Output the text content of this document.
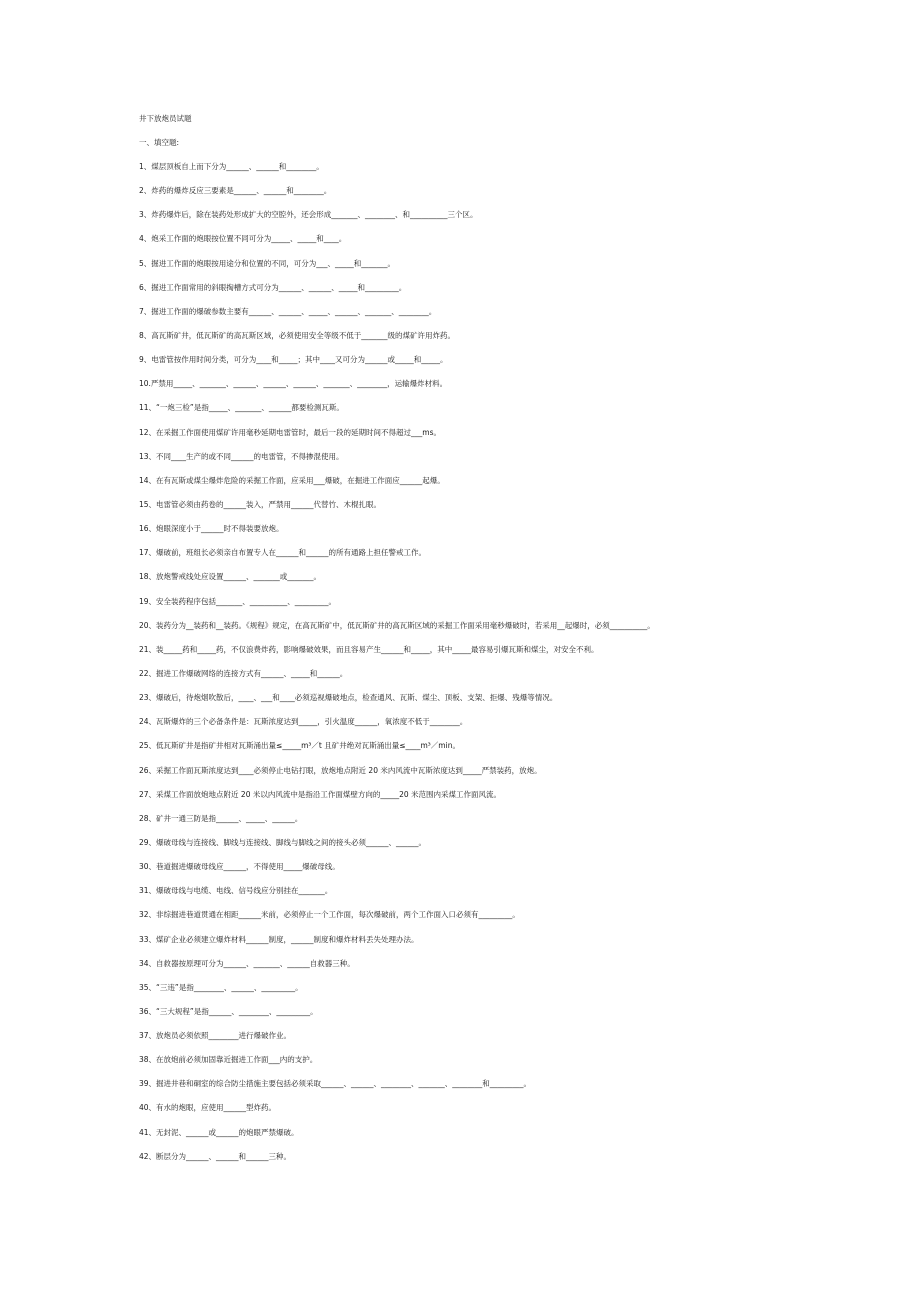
井下放炮员试题
一、填空题:
1、煤层顶板自上而下分为______、______和________。
2、炸药的爆炸反应三要素是______、______和________。
3、炸药爆炸后，除在装药处形成扩大的空腔外，还会形成_______、________、和__________三个区。
4、炮采工作面的炮眼按位置不同可分为_____、_____和____。
5、掘进工作面的炮眼按用途分和位置的不同，可分为___、_____和_______。
6、掘进工作面常用的斜眼掏槽方式可分为______、______、_____和_________。
7、掘进工作面的爆破参数主要有______、______、_____、______、_______、________。
8、高瓦斯矿井，低瓦斯矿的高瓦斯区域，必须使用安全等级不低于_______级的煤矿许用炸药。
9、电雷管按作用时间分类，可分为____和_____；其中____又可分为______或_____和_____。
10.严禁用_____、_______、______、______、______、_______、________，运输爆炸材料。
11、“一炮三检”是指_____、_______、______都要检测瓦斯。
12、在采掘工作面使用煤矿许用毫秒延期电雷管时，最后一段的延期时间不得超过___ms。
13、不同____生产的或不同______的电雷管，不得掺混使用。
14、在有瓦斯或煤尘爆炸危险的采掘工作面，应采用___爆破，在掘进工作面应______起爆。
15、电雷管必须由药卷的______装入，严禁用______代替竹、木棍扎眼。
16、炮眼深度小于______时不得装要放炮。
17、爆破前，班组长必须亲自布置专人在______和______的所有通路上担任警戒工作。
18、放炮警戒线处应设置______、_______或_______。
19、安全装药程序包括_______、__________、_________。
20、装药分为__装药和__装药。《规程》规定，在高瓦斯矿中，低瓦斯矿井的高瓦斯区域的采掘工作面采用毫秒爆破时，若采用__起爆时，必须__________。
21、装_____药和_____药，不仅浪费炸药，影响爆破效果，而且容易产生______和_____，其中_____最容易引爆瓦斯和煤尘，对安全不利。
22、掘进工作爆破网络的连接方式有______、_____和______。
23、爆破后，待炮烟吹散后，____、___和____必须巡视爆破地点，检查通风、瓦斯、煤尘、顶板、支架、拒爆、残爆等情况。
24、瓦斯爆炸的三个必备条件是：瓦斯浓度达到_____，引火温度______，氧浓度不低于________。
25、低瓦斯矿井是指矿井相对瓦斯涌出量≤_____m³／t 且矿井绝对瓦斯涌出量≤____m³／min。
26、采掘工作面瓦斯浓度达到____必须停止电钻打眼，放炮地点附近 20 米内风流中瓦斯浓度达到_____严禁装药，放炮。
27、采煤工作面放炮地点附近 20 米以内风流中是指沿工作面煤壁方向的_____20 米范围内采煤工作面风流。
28、矿井一通三防是指______、_____、______。
29、爆破母线与连接线、脚线与连接线、脚线与脚线之间的接头必须______、______。
30、巷道掘进爆破母线应______，不得使用_____爆破母线。
31、爆破母线与电缆、电线、信号线应分别挂在_______。
32、非综掘进巷道贯通在相距______米前，必须停止一个工作面，每次爆破前，两个工作面入口必须有_________。
33、煤矿企业必须建立爆炸材料______制度，______制度和爆炸材料丢失处理办法。
34、自救器按原理可分为______、_______、______自救器三种。
35、“三违”是指________、______、_________。
36、“三大规程”是指______、________、_________。
37、放炮员必须依照________进行爆破作业。
38、在放炮前必须加固靠近掘进工作面___内的支护。
39、掘进井巷和硐室的综合防尘措施主要包括必须采取______、______、________、_______、________和_________。
40、有水的炮眼，应使用______型炸药。
41、无封泥、______或______的炮眼严禁爆破。
42、断层分为______、______和______三种。
